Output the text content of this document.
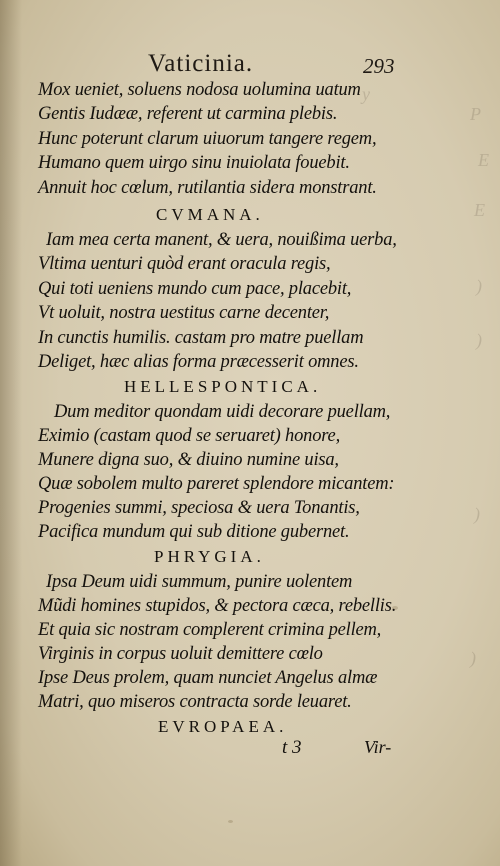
y
P
E
E
)
)
)
)
Vaticinia.	293
Mox ueniet, soluens nodosa uolumina uatum
Gentis Iudææ, referent ut carmina plebis.
Hunc poterunt clarum uiuorum tangere regem,
Humano quem uirgo sinu inuiolata fouebit.
Annuit hoc cœlum, rutilantia sidera monstrant.
CVMANA.
Iam mea certa manent, & uera, nouißima uerba,
Vltima uenturi quòd erant oracula regis,
Qui toti ueniens mundo cum pace, placebit,
Vt uoluit, nostra uestitus carne decenter,
In cunctis humilis. castam pro matre puellam
Deliget, hæc alias forma præcesserit omnes.
HELLESPONTICA.
Dum meditor quondam uidi decorare puellam,
Eximio (castam quod se seruaret) honore,
Munere digna suo, & diuino numine uisa,
Quæ sobolem multo pareret splendore micantem:
Progenies summi, speciosa & uera Tonantis,
Pacifica mundum qui sub ditione gubernet.
PHRYGIA.
Ipsa Deum uidi summum, punire uolentem
Mũdi homines stupidos, & pectora cæca, rebellis.
Et quia sic nostram complerent crimina pellem,
Virginis in corpus uoluit demittere cœlo
Ipse Deus prolem, quam nunciet Angelus almæ
Matri, quo miseros contracta sorde leuaret.
EVROPAEA.
t 3	Vir-
